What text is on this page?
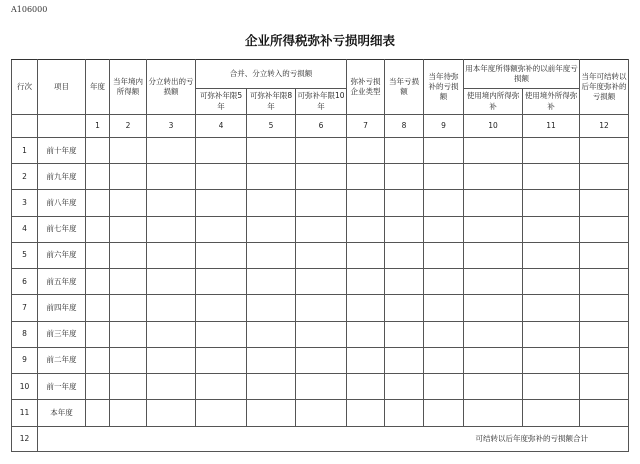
A106000
企业所得税弥补亏损明细表
行次	项目	年度	当年境内所得额	分立转出的亏损额	合并、分立转入的亏损额			弥补亏损企业类型	当年亏损额	当年待弥补的亏损额	用本年度所得额弥补的以前年度亏损额		当年可结转以后年度弥补的亏损额
					可弥补年限5年	可弥补年限8年	可弥补年限10年				使用境内所得弥补	使用境外所得弥补	
		1	2	3	4	5	6	7	8	9	10	11	12
1	前十年度												
2	前九年度												
3	前八年度												
4	前七年度												
5	前六年度												
6	前五年度												
7	前四年度												
8	前三年度												
9	前二年度												
10	前一年度												
11	本年度												
12	可结转以后年度弥补的亏损额合计												
